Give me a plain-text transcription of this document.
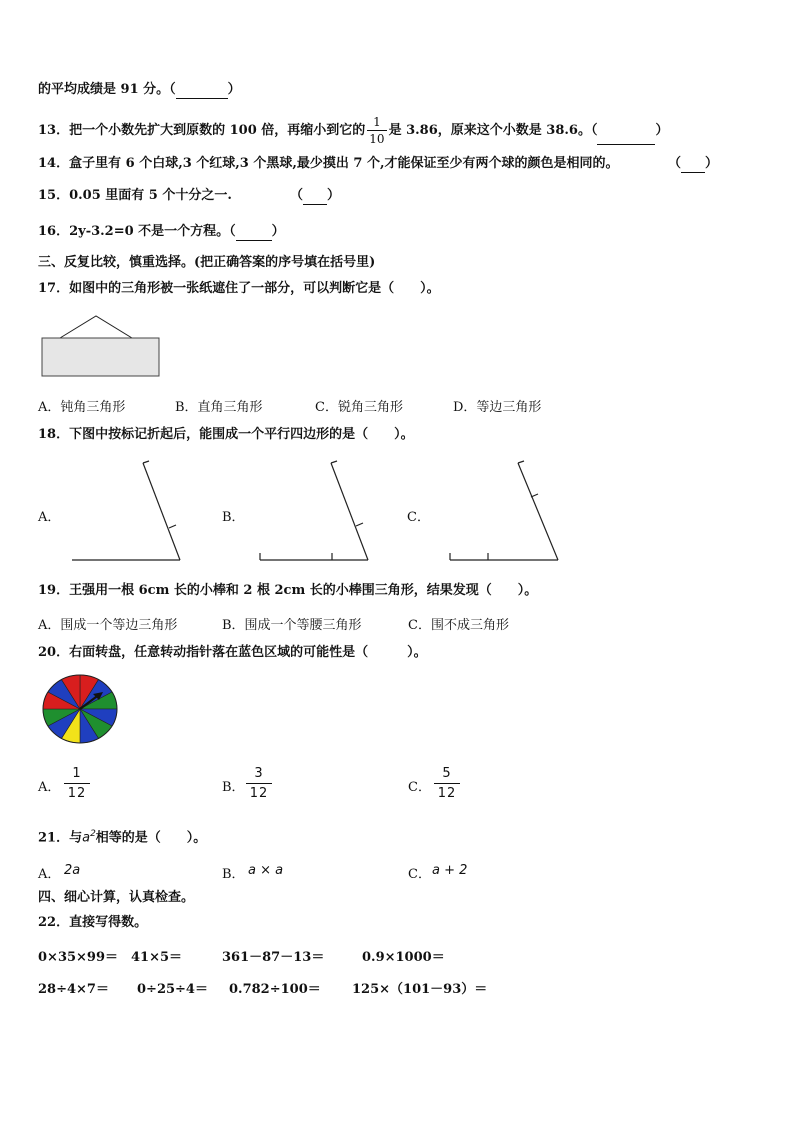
的平均成绩是 91 分。（	）
13．把一个小数先扩大到原数的 100 倍，再缩小到它的 $\frac{1}{10}$ 是 3.86，原来这个小数是 38.6。（	）
14．盒子里有 6 个白球,3 个红球,3 个黑球,最少摸出 7 个,才能保证至少有两个球的颜色是相同的。	（ ）
15．0.05 里面有 5 个十分之一.	（ ）
16．2y-3.2=0 不是一个方程。（	）
三、反复比较，慎重选择。(把正确答案的序号填在括号里)
17．如图中的三角形被一张纸遮住了一部分，可以判断它是（　　）。
A．钝角三角形	B．直角三角形	C．锐角三角形	D．等边三角形
18．下图中按标记折起后，能围成一个平行四边形的是（　　）。
A．	B．	C．
19．王强用一根 6cm 长的小棒和 2 根 2cm 长的小棒围三角形，结果发现（　　）。
A．围成一个等边三角形	B．围成一个等腰三角形	C．围不成三角形
20．右面转盘，任意转动指针落在蓝色区域的可能性是（　　　）。
A．
1
12	B．
3
12	C．
5
12
21．与$a^2$相等的是（　　）。
A． 2a	B． a × a	C． a + 2
四、细心计算，认真检查。
22．直接写得数。
0×35×99＝ 41×5＝	361－87－13＝	0.9×1000＝
28÷4×7＝ 0÷25÷4＝ 0.782÷100＝ 125×（101－93）＝
